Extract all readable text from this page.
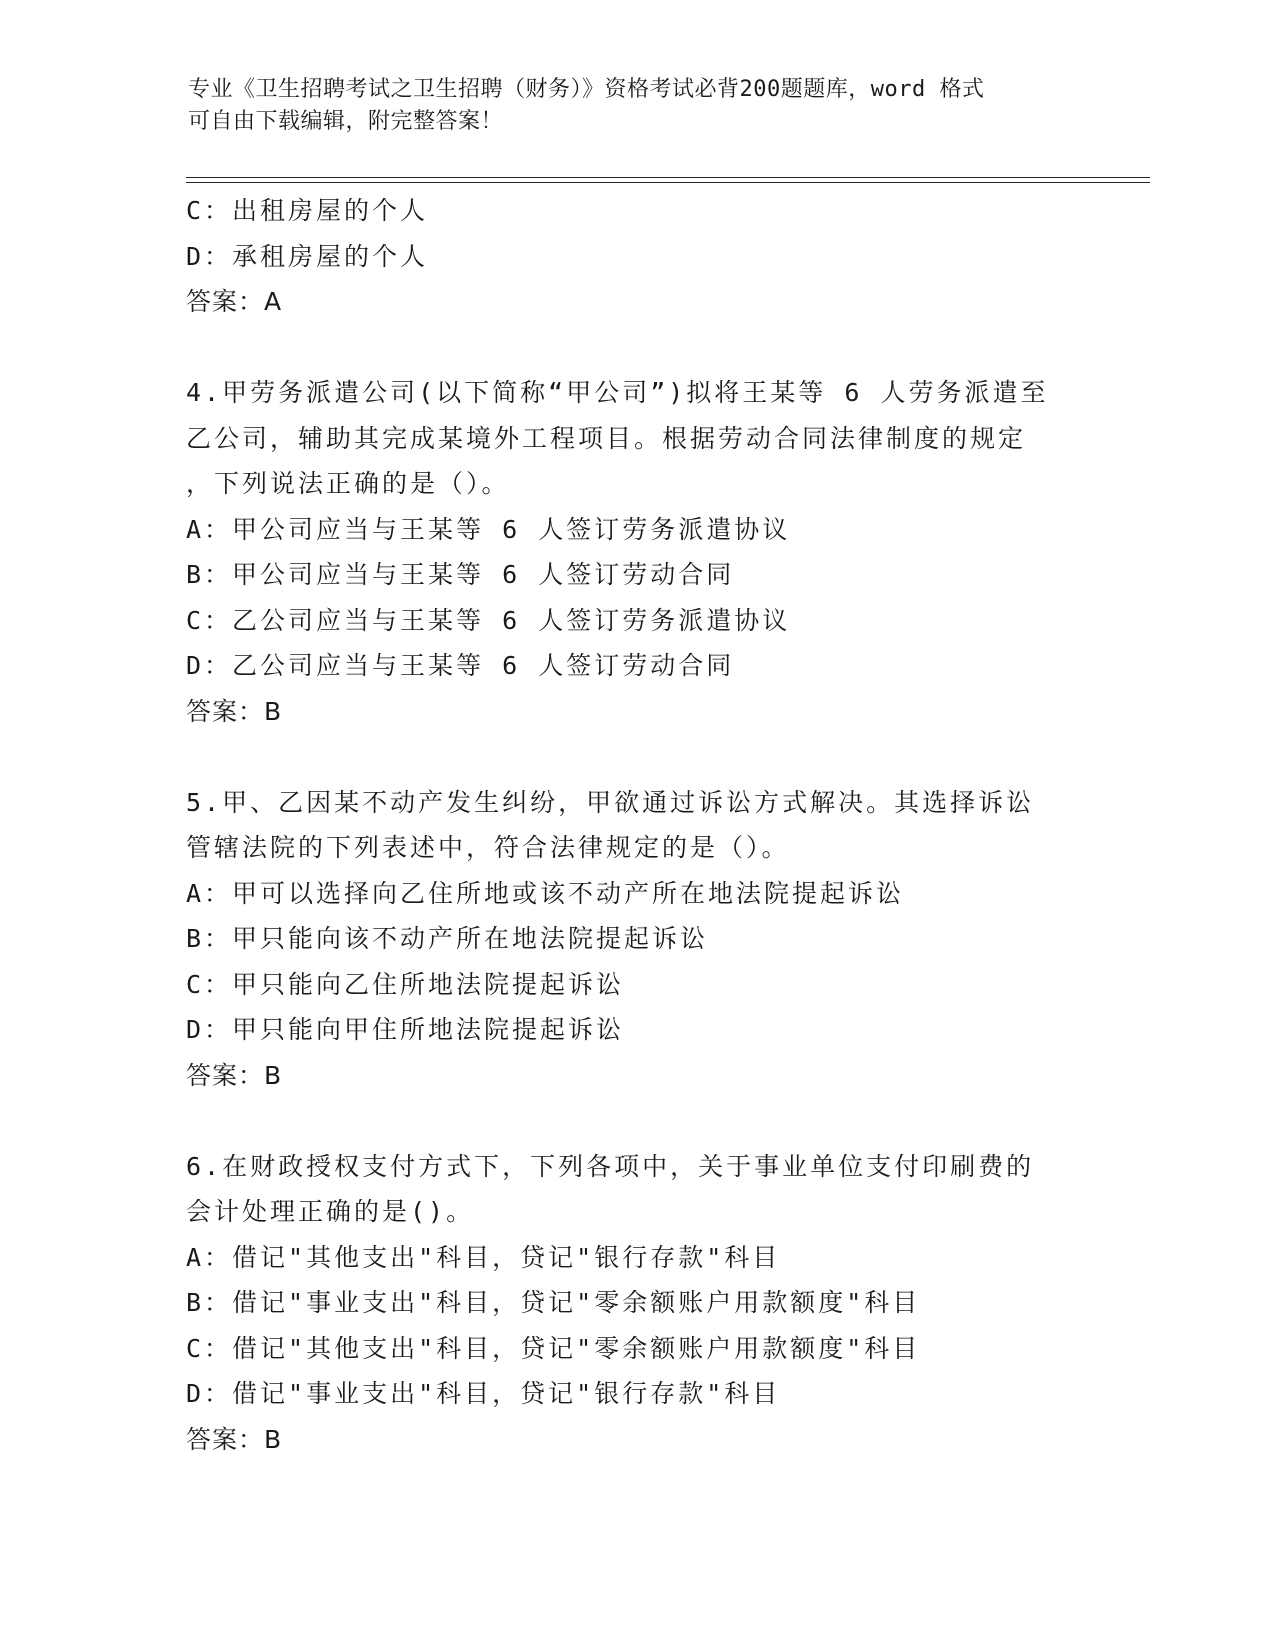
专业《卫生招聘考试之卫生招聘（财务）》资格考试必背200题题库，word 格式
可自由下载编辑，附完整答案！
C：出租房屋的个人
D：承租房屋的个人
答案：A
4.甲劳务派遣公司(以下简称“甲公司”)拟将王某等 6 人劳务派遣至
乙公司，辅助其完成某境外工程项目。根据劳动合同法律制度的规定
，下列说法正确的是（）。
A：甲公司应当与王某等 6 人签订劳务派遣协议
B：甲公司应当与王某等 6 人签订劳动合同
C：乙公司应当与王某等 6 人签订劳务派遣协议
D：乙公司应当与王某等 6 人签订劳动合同
答案：B
5.甲、乙因某不动产发生纠纷，甲欲通过诉讼方式解决。其选择诉讼
管辖法院的下列表述中，符合法律规定的是（）。
A：甲可以选择向乙住所地或该不动产所在地法院提起诉讼
B：甲只能向该不动产所在地法院提起诉讼
C：甲只能向乙住所地法院提起诉讼
D：甲只能向甲住所地法院提起诉讼
答案：B
6.在财政授权支付方式下，下列各项中，关于事业单位支付印刷费的
会计处理正确的是()。
A：借记"其他支出"科目，贷记"银行存款"科目
B：借记"事业支出"科目，贷记"零余额账户用款额度"科目
C：借记"其他支出"科目，贷记"零余额账户用款额度"科目
D：借记"事业支出"科目，贷记"银行存款"科目
答案：B
